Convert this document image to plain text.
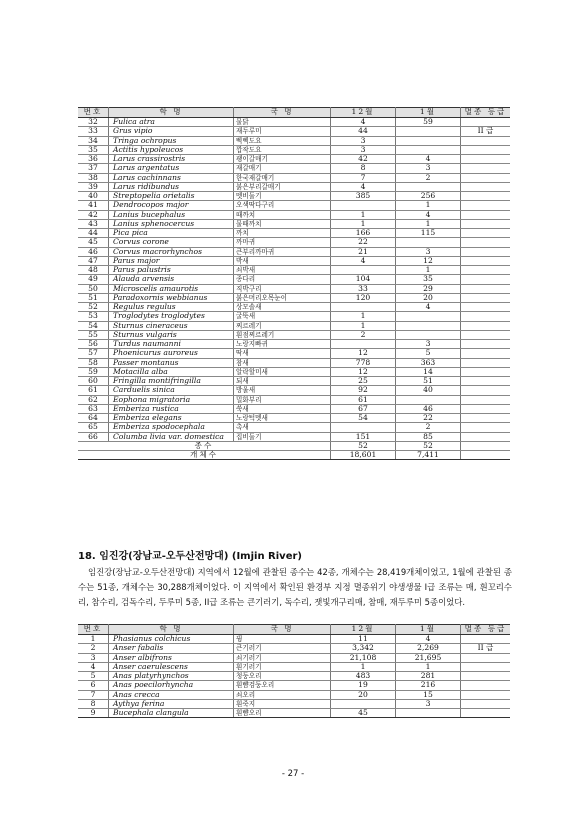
번호	학 명	국 명	12월	1월	멸종 등급
32	Fulica atra	물닭	4	59	
33	Grus vipio	재두루미	44		II 급
34	Tringa ochropus	삑삑도요	3		
35	Actitis hypoleucos	깝작도요	3		
36	Larus crassirostris	괭이갈매기	42	4	
37	Larus argentatus	재갈매기	8	3	
38	Larus cachinnans	한국재갈매기	7	2	
39	Larus ridibundus	붉은부리갈매기	4		
40	Streptopelia orietalis	멧비둘기	385	256	
41	Dendrocopos major	오색딱다구리		1	
42	Lanius bucephalus	때까치	1	4	
43	Lanius sphenocercus	물때까치	1	1	
44	Pica pica	까치	166	115	
45	Corvus corone	까마귀	22		
46	Corvus macrorhynchos	큰부리까마귀	21	3	
47	Parus major	박새	4	12	
48	Parus palustris	쇠박새		1	
49	Alauda arvensis	종다리	104	35	
50	Microscelis amaurotis	직박구리	33	29	
51	Paradoxornis webbianus	붉은머리오목눈이	120	20	
52	Regulus regulus	상모솔새		4	
53	Troglodytes troglodytes	굴뚝새	1		
54	Sturnus cineraceus	찌르레기	1		
55	Sturnus vulgaris	흰점찌르레기	2		
56	Turdus naumanni	노랑지빠귀		3	
57	Phoenicurus auroreus	딱새	12	5	
58	Passer montanus	참새	778	363	
59	Motacilla alba	알락할미새	12	14	
60	Fringilla montifringilla	되새	25	51	
61	Carduelis sinica	방울새	92	40	
62	Eophona migratoria	밀화부리	61		
63	Emberiza rustica	쑥새	67	46	
64	Emberiza elegans	노랑턱멧새	54	22	
65	Emberiza spodocephala	촉새		2	
66	Columba livia var. domestica	집비둘기	151	85	
종수			52	52	
개체수			18,601	7,411	
18. 임진강(장남교-오두산전망대) (Imjin River)

임진강(장남교-오두산전망대) 지역에서 12월에 관찰된 종수는 42종, 개체수는 28,419개체이었고, 1월에 관찰된 종수는 51종, 개체수는 30,288개체이었다. 이 지역에서 확인된 환경부 지정 멸종위기 야생생물 I급 조류는 매, 흰꼬리수리, 참수리, 검독수리, 두루미 5종, II급 조류는 큰기러기, 독수리, 잿빛개구리매, 참매, 재두루미 5종이었다.

번호	학 명	국 명	12월	1월	멸종 등급
1	Phasianus colchicus	꿩	11	4	
2	Anser fabalis	큰기러기	3,342	2,269	II 급
3	Anser albifrons	쇠기러기	21,108	21,695	
4	Anser caerulescens	흰기러기	1	1	
5	Anas platyrhynchos	청둥오리	483	281	
6	Anas poecilorhyncha	흰뺨검둥오리	19	216	
7	Anas crecca	쇠오리	20	15	
8	Aythya ferina	흰죽지		3	
9	Bucephala clangula	흰뺨오리	45		
- 27 -
